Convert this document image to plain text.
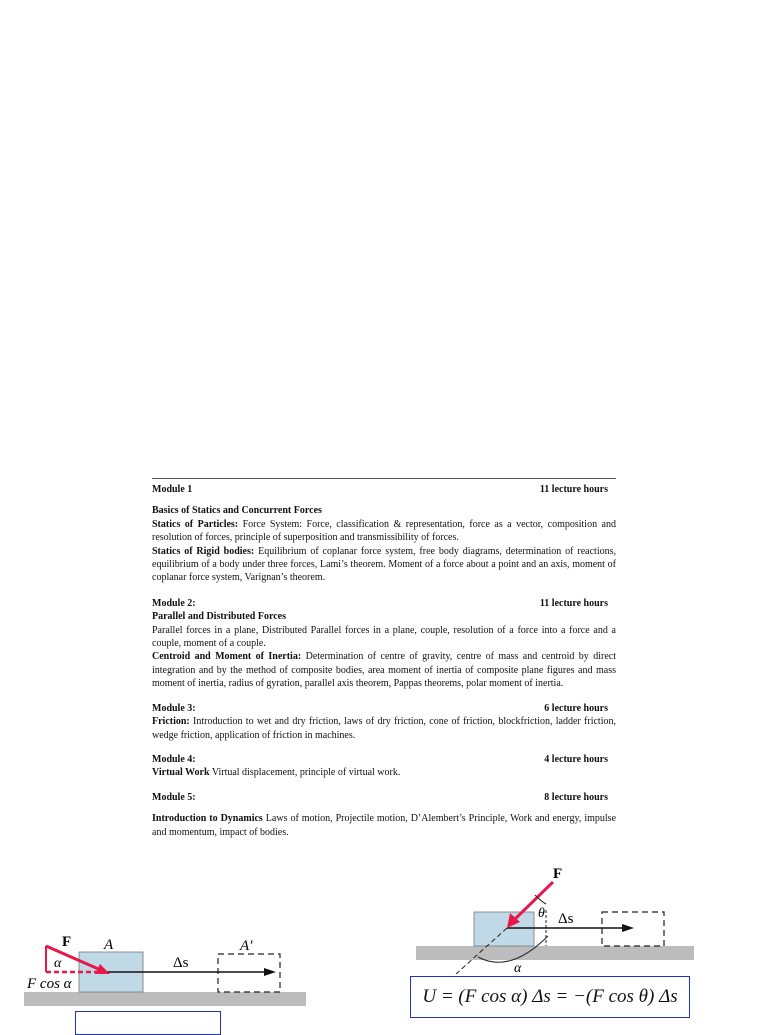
Module 1	11 lecture hours
Basics of Statics and Concurrent Forces
Statics of Particles: Force System: Force, classification & representation, force as a vector, composition and resolution of forces, principle of superposition and transmissibility of forces.
Statics of Rigid bodies: Equilibrium of coplanar force system, free body diagrams, determination of reactions, equilibrium of a body under three forces, Lami’s theorem. Moment of a force about a point and an axis, moment of coplanar force system, Varignan’s theorem.
Module 2:	11 lecture hours
Parallel and Distributed Forces
Parallel forces in a plane, Distributed Parallel forces in a plane, couple, resolution of a force into a force and a couple, moment of a couple.
Centroid and Moment of Inertia: Determination of centre of gravity, centre of mass and centroid by direct integration and by the method of composite bodies, area moment of inertia of composite plane figures and mass moment of inertia, radius of gyration, parallel axis theorem, Pappas theorems, polar moment of inertia.
Module 3:	6 lecture hours
Friction: Introduction to wet and dry friction, laws of dry friction, cone of friction, blockfriction, ladder friction, wedge friction, application of friction in machines.
Module 4:	4 lecture hours
Virtual Work Virtual displacement, principle of virtual work.
Module 5:	8 lecture hours
Introduction to Dynamics Laws of motion, Projectile motion, D’Alembert’s Principle, Work and energy, impulse and momentum, impact of bodies.
F A	A′
α	Δs
F cos α
F
θ Δs
α
U = (F cos α) Δs = −(F cos θ) Δs
